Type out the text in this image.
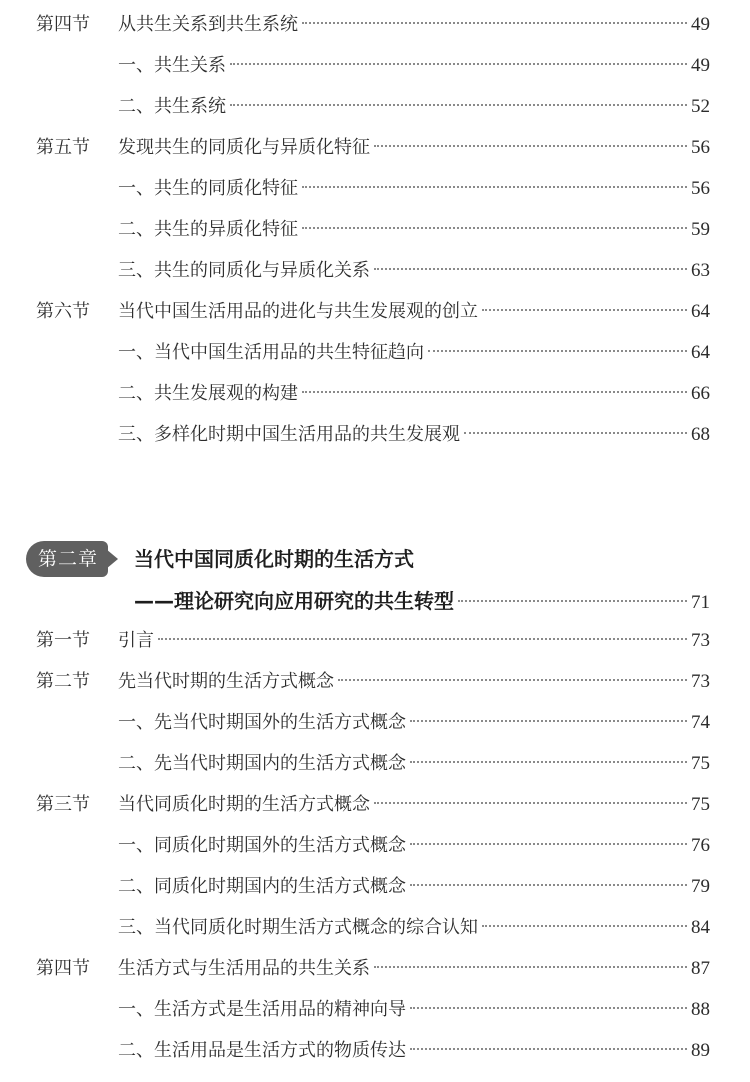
第四节 从共生关系到共生系统	49
一、共生关系	49
二、共生系统	52
第五节 发现共生的同质化与异质化特征	56
一、共生的同质化特征	56
二、共生的异质化特征	59
三、共生的同质化与异质化关系	63
第六节 当代中国生活用品的进化与共生发展观的创立	64
一、当代中国生活用品的共生特征趋向	64
二、共生发展观的构建	66
三、多样化时期中国生活用品的共生发展观	68
第二章	当代中国同质化时期的生活方式
——理论研究向应用研究的共生转型	71
第一节 引言	73
第二节 先当代时期的生活方式概念	73
一、先当代时期国外的生活方式概念	74
二、先当代时期国内的生活方式概念	75
第三节 当代同质化时期的生活方式概念	75
一、同质化时期国外的生活方式概念	76
二、同质化时期国内的生活方式概念	79
三、当代同质化时期生活方式概念的综合认知	84
第四节 生活方式与生活用品的共生关系	87
一、生活方式是生活用品的精神向导	88
二、生活用品是生活方式的物质传达	89
